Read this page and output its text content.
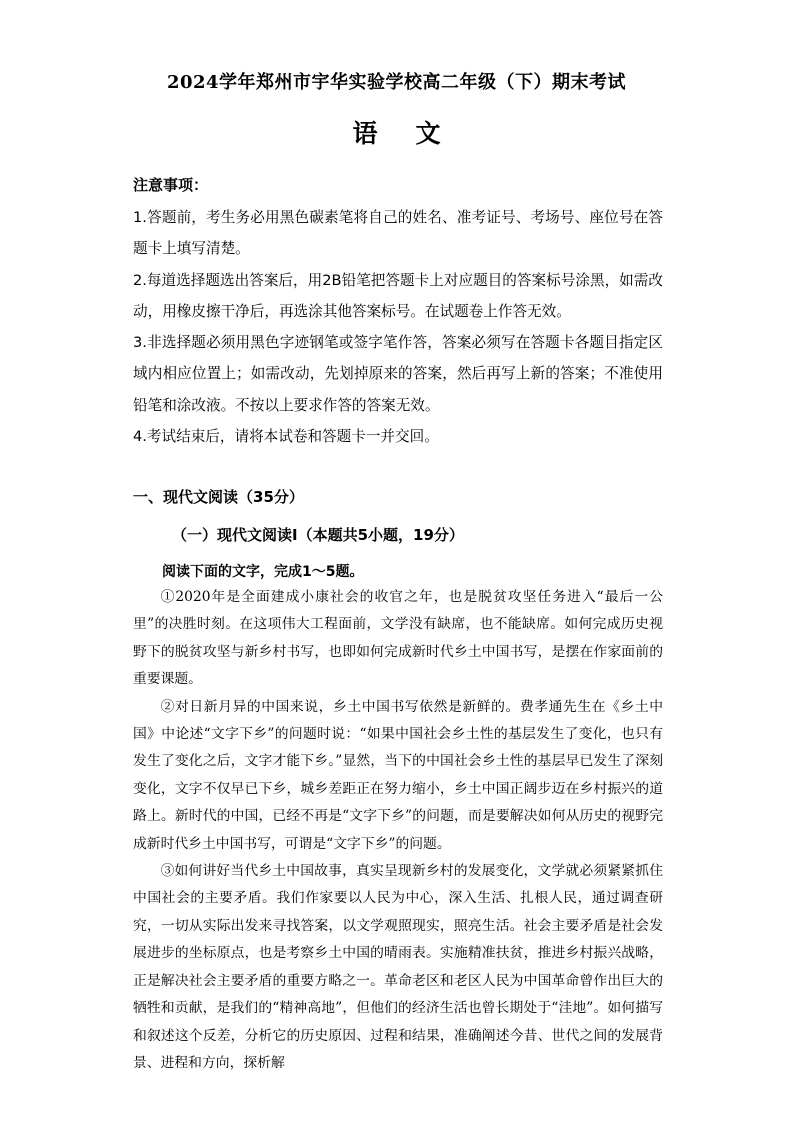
2024学年郑州市宇华实验学校高二年级（下）期末考试
语文
注意事项：

1.答题前，考生务必用黑色碳素笔将自己的姓名、准考证号、考场号、座位号在答题卡上填写清楚。

2.每道选择题选出答案后，用2B铅笔把答题卡上对应题目的答案标号涂黑，如需改动，用橡皮擦干净后，再选涂其他答案标号。在试题卷上作答无效。

3.非选择题必须用黑色字迹钢笔或签字笔作答，答案必须写在答题卡各题目指定区域内相应位置上；如需改动，先划掉原来的答案，然后再写上新的答案；不准使用铅笔和涂改液。不按以上要求作答的答案无效。

4.考试结束后，请将本试卷和答题卡一并交回。

一、现代文阅读（35分）
（一）现代文阅读Ⅰ（本题共5小题，19分）
阅读下面的文字，完成1～5题。

①2020年是全面建成小康社会的收官之年，也是脱贫攻坚任务进入“最后一公里”的决胜时刻。在这项伟大工程面前，文学没有缺席，也不能缺席。如何完成历史视野下的脱贫攻坚与新乡村书写，也即如何完成新时代乡土中国书写，是摆在作家面前的重要课题。

②对日新月异的中国来说，乡土中国书写依然是新鲜的。费孝通先生在《乡土中国》中论述“文字下乡”的问题时说：“如果中国社会乡土性的基层发生了变化，也只有发生了变化之后，文字才能下乡。”显然，当下的中国社会乡土性的基层早已发生了深刻变化，文字不仅早已下乡，城乡差距正在努力缩小，乡土中国正阔步迈在乡村振兴的道路上。新时代的中国，已经不再是“文字下乡”的问题，而是要解决如何从历史的视野完成新时代乡土中国书写，可谓是“文字下乡”的问题。

③如何讲好当代乡土中国故事，真实呈现新乡村的发展变化，文学就必须紧紧抓住中国社会的主要矛盾。我们作家要以人民为中心，深入生活、扎根人民，通过调查研究，一切从实际出发来寻找答案，以文学观照现实，照亮生活。社会主要矛盾是社会发展进步的坐标原点，也是考察乡土中国的晴雨表。实施精准扶贫，推进乡村振兴战略，正是解决社会主要矛盾的重要方略之一。革命老区和老区人民为中国革命曾作出巨大的牺牲和贡献，是我们的“精神高地”，但他们的经济生活也曾长期处于“洼地”。如何描写和叙述这个反差，分析它的历史原因、过程和结果，准确阐述今昔、世代之间的发展背景、进程和方向，探析解
